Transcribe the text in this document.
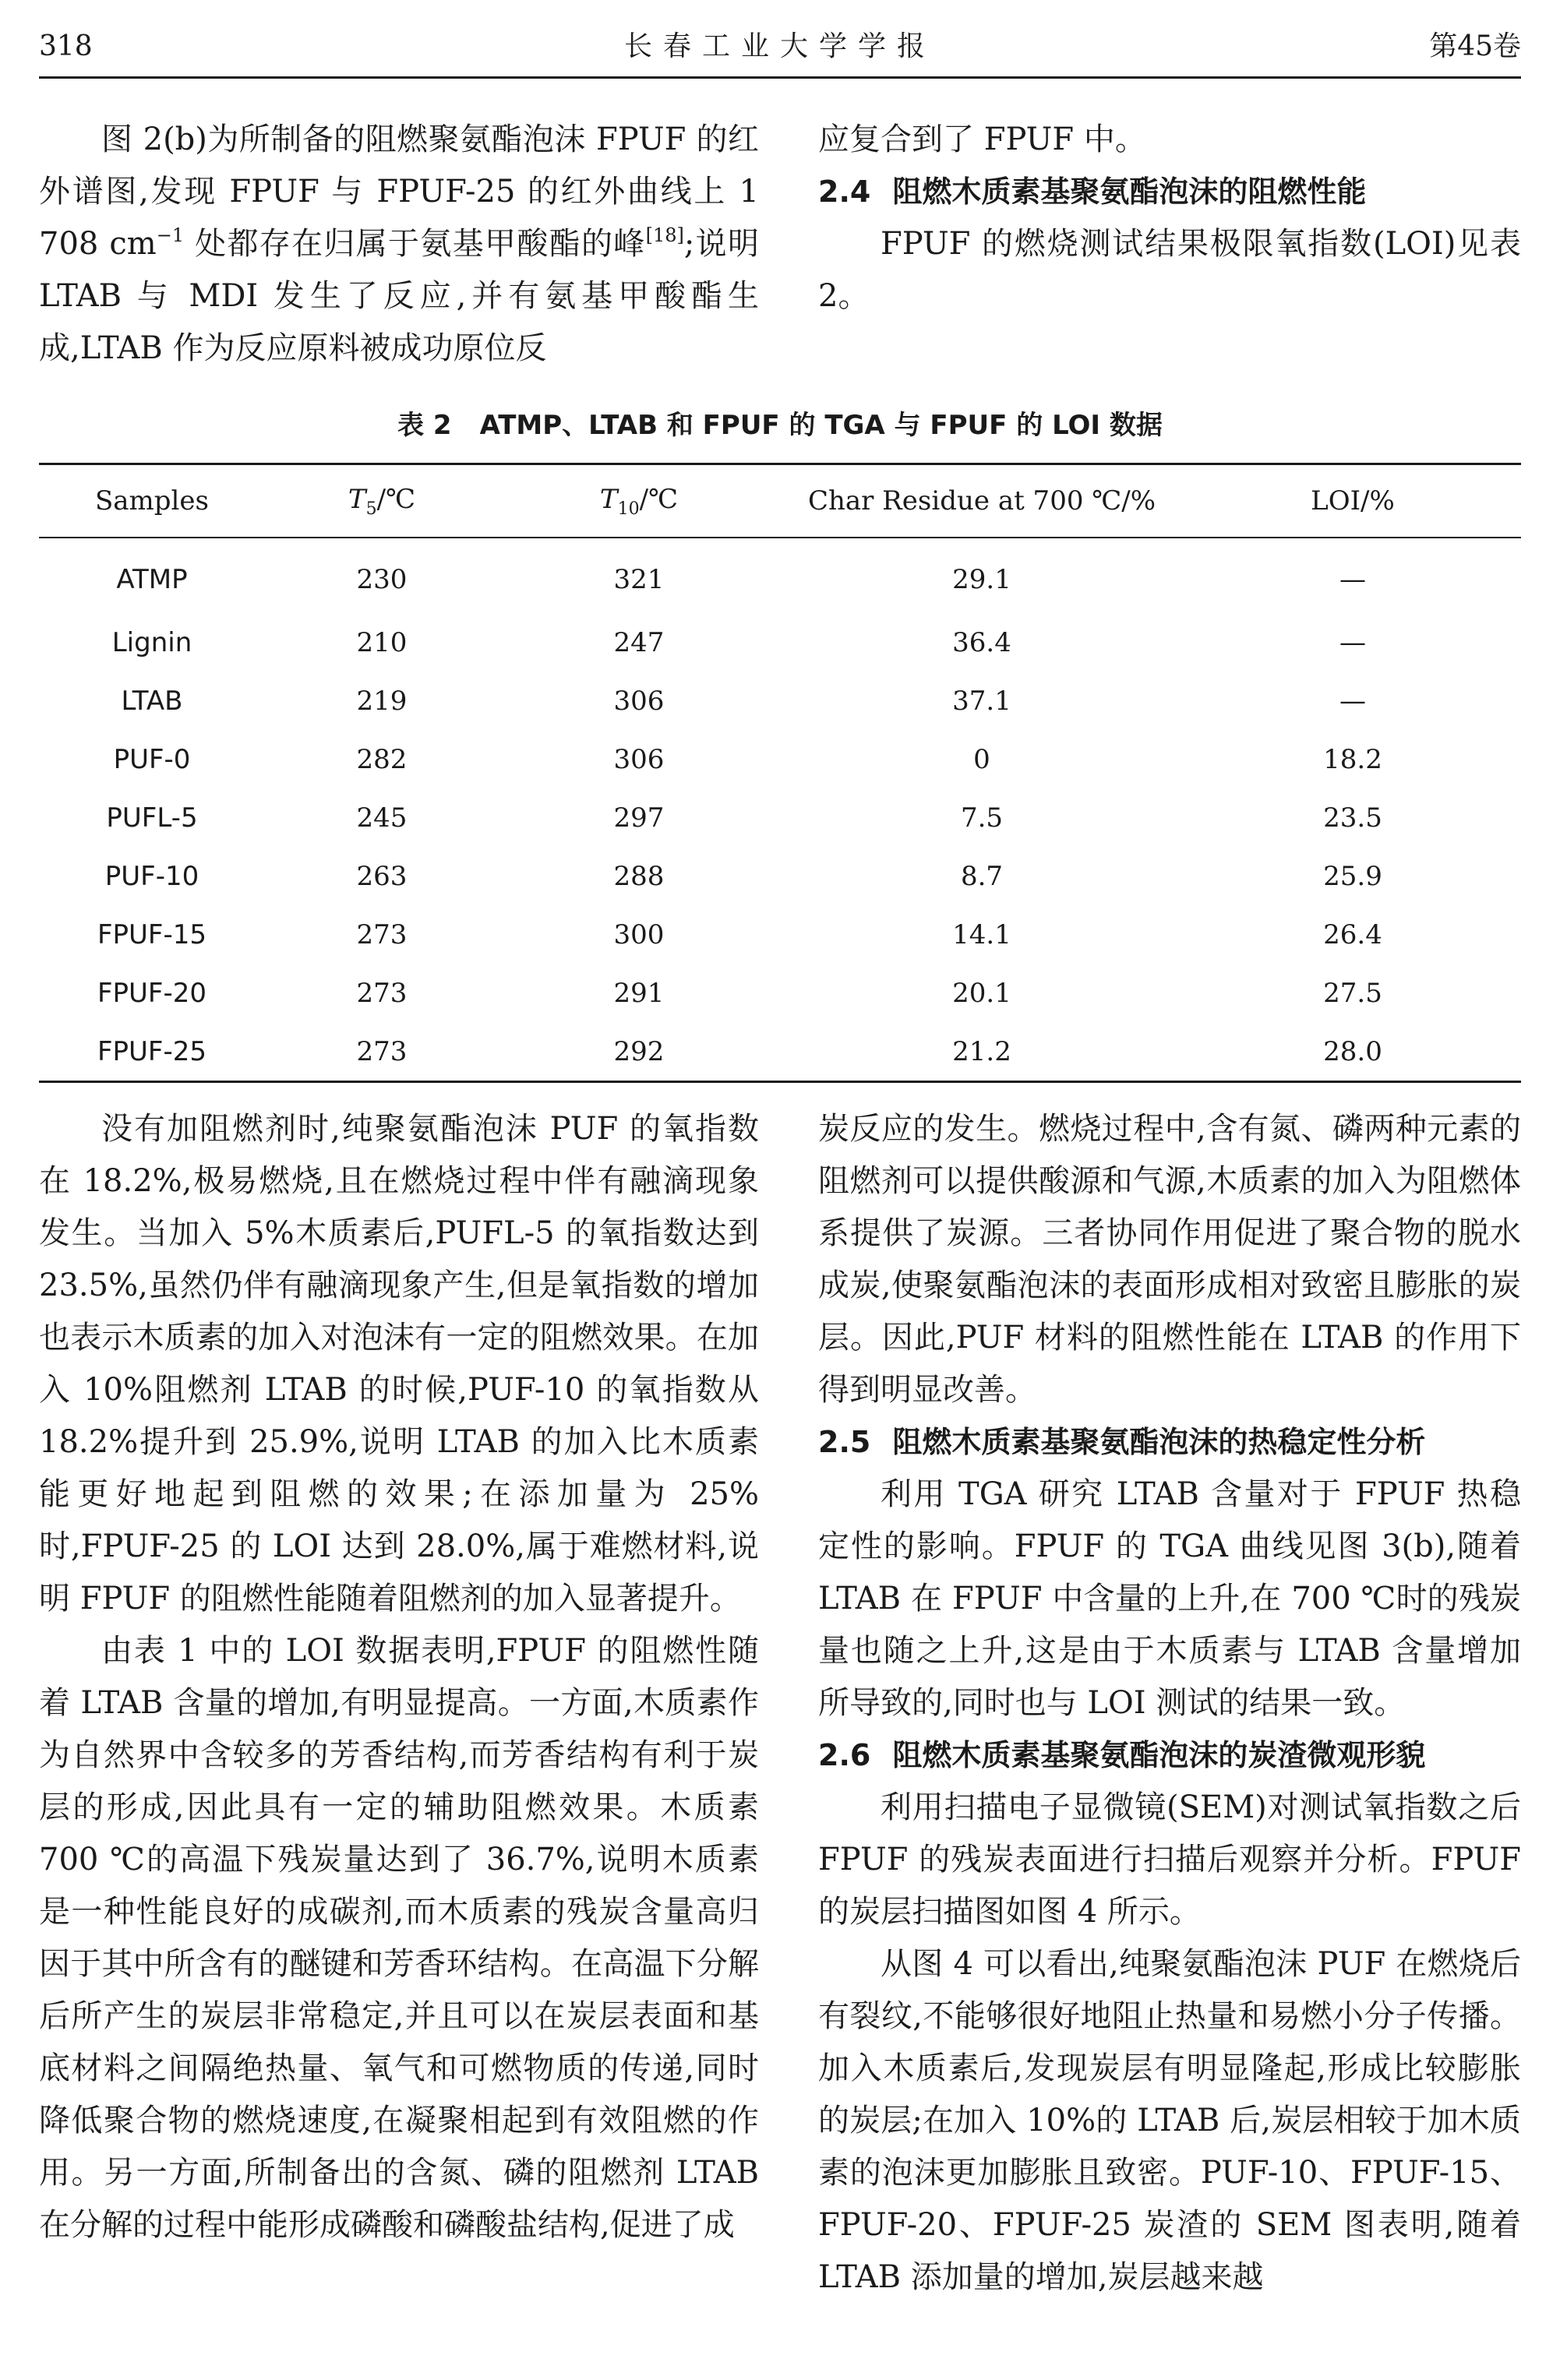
318	长春工业大学学报	第45卷

图 2(b)为所制备的阻燃聚氨酯泡沫 FPUF 的红外谱图,发现 FPUF 与 FPUF-25 的红外曲线上 1 708 $cm^{-1}$ 处都存在归属于氨基甲酸酯的峰[18];说明 LTAB 与 MDI 发生了反应,并有氨基甲酸酯生成,LTAB 作为反应原料被成功原位反

应复合到了 FPUF 中。

2.4 阻燃木质素基聚氨酯泡沫的阻燃性能

FPUF 的燃烧测试结果极限氧指数(LOI)见表 2。

表 2 ATMP、LTAB 和 FPUF 的 TGA 与 FPUF 的 LOI 数据
Samples	$T_5/℃$	$T_{10}/℃$	Char Residue at 700 ℃/%	LOI/%
ATMP	230	321	29.1	—
Lignin	210	247	36.4	—
LTAB	219	306	37.1	—
PUF-0	282	306	0	18.2
PUFL-5	245	297	7.5	23.5
PUF-10	263	288	8.7	25.9
FPUF-15	273	300	14.1	26.4
FPUF-20	273	291	20.1	27.5
FPUF-25	273	292	21.2	28.0

没有加阻燃剂时,纯聚氨酯泡沫 PUF 的氧指数在 18.2%,极易燃烧,且在燃烧过程中伴有融滴现象发生。当加入 5%木质素后,PUFL-5 的氧指数达到 23.5%,虽然仍伴有融滴现象产生,但是氧指数的增加也表示木质素的加入对泡沫有一定的阻燃效果。在加入 10%阻燃剂 LTAB 的时候,PUF-10 的氧指数从 18.2%提升到 25.9%,说明 LTAB 的加入比木质素能更好地起到阻燃的效果;在添加量为 25%时,FPUF-25 的 LOI 达到 28.0%,属于难燃材料,说明 FPUF 的阻燃性能随着阻燃剂的加入显著提升。

由表 1 中的 LOI 数据表明,FPUF 的阻燃性随着 LTAB 含量的增加,有明显提高。一方面,木质素作为自然界中含较多的芳香结构,而芳香结构有利于炭层的形成,因此具有一定的辅助阻燃效果。木质素 700 ℃的高温下残炭量达到了 36.7%,说明木质素是一种性能良好的成碳剂,而木质素的残炭含量高归因于其中所含有的醚键和芳香环结构。在高温下分解后所产生的炭层非常稳定,并且可以在炭层表面和基底材料之间隔绝热量、氧气和可燃物质的传递,同时降低聚合物的燃烧速度,在凝聚相起到有效阻燃的作用。另一方面,所制备出的含氮、磷的阻燃剂 LTAB 在分解的过程中能形成磷酸和磷酸盐结构,促进了成

炭反应的发生。燃烧过程中,含有氮、磷两种元素的阻燃剂可以提供酸源和气源,木质素的加入为阻燃体系提供了炭源。三者协同作用促进了聚合物的脱水成炭,使聚氨酯泡沫的表面形成相对致密且膨胀的炭层。因此,PUF 材料的阻燃性能在 LTAB 的作用下得到明显改善。

2.5 阻燃木质素基聚氨酯泡沫的热稳定性分析

利用 TGA 研究 LTAB 含量对于 FPUF 热稳定性的影响。FPUF 的 TGA 曲线见图 3(b),随着 LTAB 在 FPUF 中含量的上升,在 700 ℃时的残炭量也随之上升,这是由于木质素与 LTAB 含量增加所导致的,同时也与 LOI 测试的结果一致。

2.6 阻燃木质素基聚氨酯泡沫的炭渣微观形貌

利用扫描电子显微镜(SEM)对测试氧指数之后 FPUF 的残炭表面进行扫描后观察并分析。FPUF 的炭层扫描图如图 4 所示。

从图 4 可以看出,纯聚氨酯泡沫 PUF 在燃烧后有裂纹,不能够很好地阻止热量和易燃小分子传播。加入木质素后,发现炭层有明显隆起,形成比较膨胀的炭层;在加入 10%的 LTAB 后,炭层相较于加木质素的泡沫更加膨胀且致密。PUF-10、FPUF-15、FPUF-20、FPUF-25 炭渣的 SEM 图表明,随着 LTAB 添加量的增加,炭层越来越
